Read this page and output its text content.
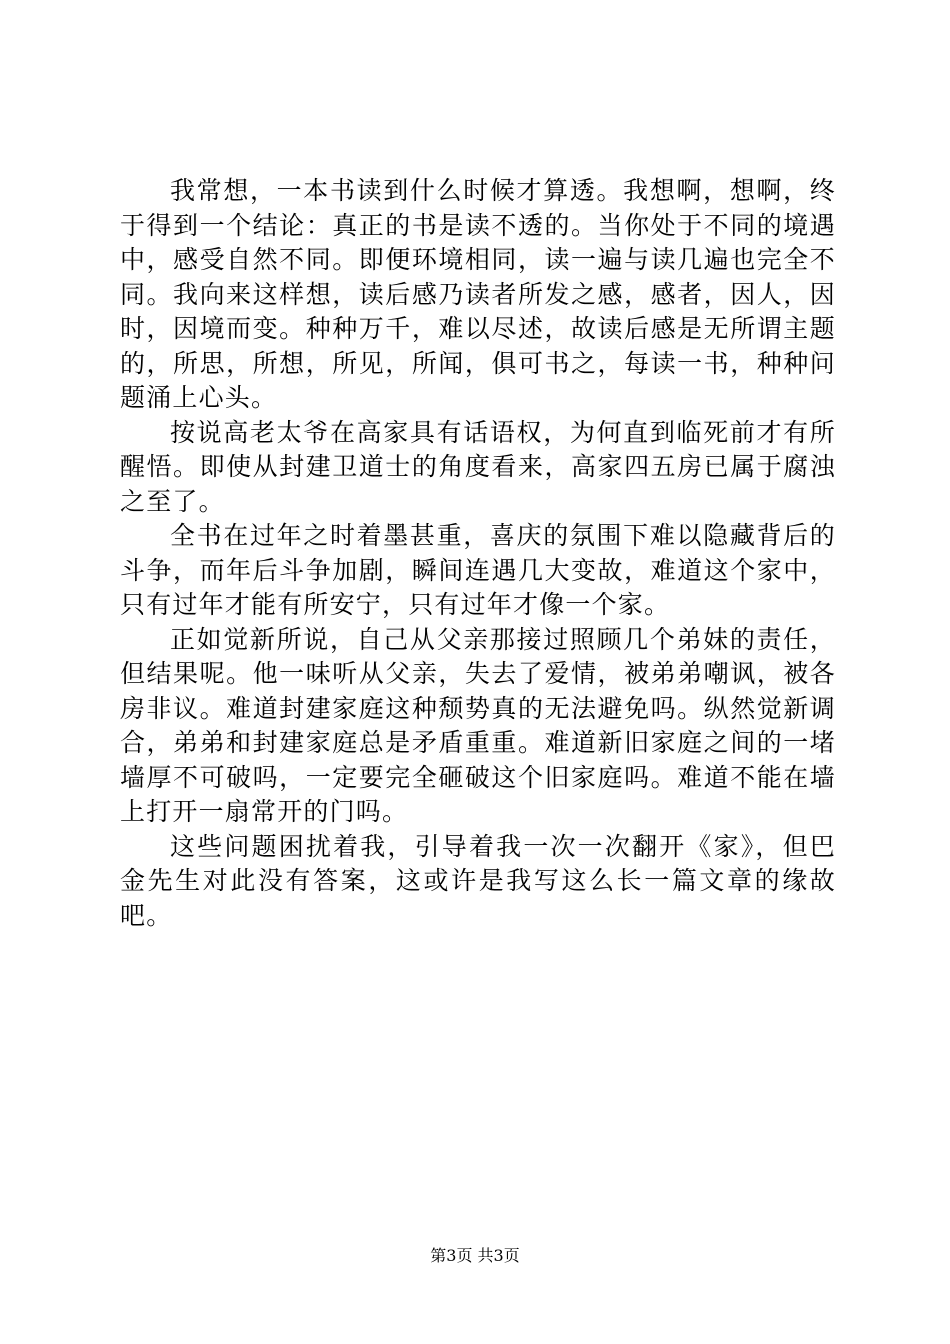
我常想，一本书读到什么时候才算透。我想啊，想啊，终于得到一个结论：真正的书是读不透的。当你处于不同的境遇中，感受自然不同。即便环境相同，读一遍与读几遍也完全不同。我向来这样想，读后感乃读者所发之感，感者，因人，因时，因境而变。种种万千，难以尽述，故读后感是无所谓主题的，所思，所想，所见，所闻，俱可书之，每读一书，种种问题涌上心头。

按说高老太爷在高家具有话语权，为何直到临死前才有所醒悟。即使从封建卫道士的角度看来，高家四五房已属于腐浊之至了。

全书在过年之时着墨甚重，喜庆的氛围下难以隐藏背后的斗争，而年后斗争加剧，瞬间连遇几大变故，难道这个家中，只有过年才能有所安宁，只有过年才像一个家。

正如觉新所说，自己从父亲那接过照顾几个弟妹的责任，但结果呢。他一味听从父亲，失去了爱情，被弟弟嘲讽，被各房非议。难道封建家庭这种颓势真的无法避免吗。纵然觉新调合，弟弟和封建家庭总是矛盾重重。难道新旧家庭之间的一堵墙厚不可破吗，一定要完全砸破这个旧家庭吗。难道不能在墙上打开一扇常开的门吗。

这些问题困扰着我，引导着我一次一次翻开《家》，但巴金先生对此没有答案，这或许是我写这么长一篇文章的缘故吧。

第3页 共3页
